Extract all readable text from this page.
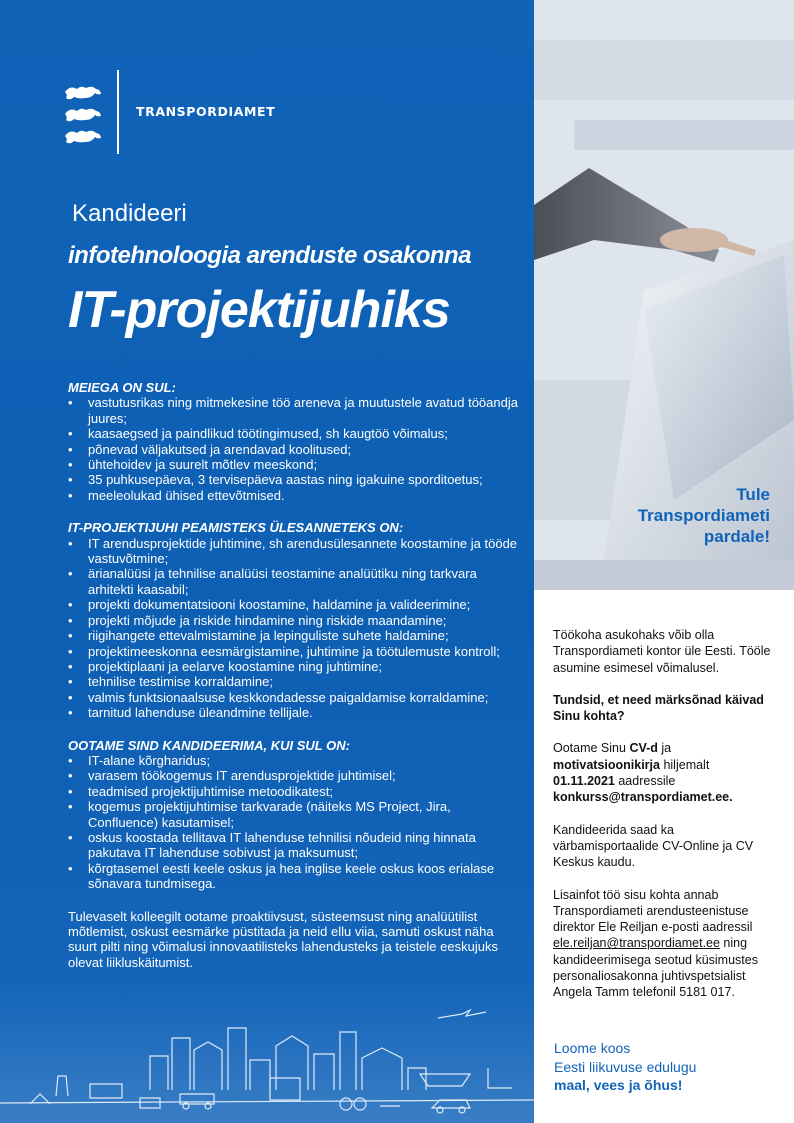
TRANSPORDIAMET
Kandideeri
infotehnoloogia arenduste osakonna
IT-projektijuhiks
MEIEGA ON SUL:
• vastutusrikas ning mitmekesine töö areneva ja muutustele avatud tööandja juures;
• kaasaegsed ja paindlikud töötingimused, sh kaugtöö võimalus;
• põnevad väljakutsed ja arendavad koolitused;
• ühtehoidev ja suurelt mõtlev meeskond;
• 35 puhkusepäeva, 3 tervisepäeva aastas ning igakuine sporditoetus;
• meeleolukad ühised ettevõtmised.
IT-PROJEKTIJUHI PEAMISTEKS ÜLESANNETEKS ON:
• IT arendusprojektide juhtimine, sh arendusülesannete koostamine ja tööde vastuvõtmine;
• ärianalüüsi ja tehnilise analüüsi teostamine analüütiku ning tarkvara arhitekti kaasabil;
• projekti dokumentatsiooni koostamine, haldamine ja valideerimine;
• projekti mõjude ja riskide hindamine ning riskide maandamine;
• riigihangete ettevalmistamine ja lepinguliste suhete haldamine;
• projektimeeskonna eesmärgistamine, juhtimine ja töötulemuste kontroll;
• projektiplaani ja eelarve koostamine ning juhtimine;
• tehnilise testimise korraldamine;
• valmis funktsionaalsuse keskkondadesse paigaldamise korraldamine;
• tarnitud lahenduse üleandmine tellijale.
OOTAME SIND KANDIDEERIMA, KUI SUL ON:
• IT-alane kõrgharidus;
• varasem töökogemus IT arendusprojektide juhtimisel;
• teadmised projektijuhtimise metoodikatest;
• kogemus projektijuhtimise tarkvarade (näiteks MS Project, Jira, Confluence) kasutamisel;
• oskus koostada tellitava IT lahenduse tehnilisi nõudeid ning hinnata pakutava IT lahenduse sobivust ja maksumust;
• kõrgtasemel eesti keele oskus ja hea inglise keele oskus koos erialase sõnavara tundmisega.
Tulevaselt kolleegilt ootame proaktiivsust, süsteemsust ning analüütilist mõtlemist, oskust eesmärke püstitada ja neid ellu viia, samuti oskust näha suurt pilti ning võimalusi innovaatilisteks lahendusteks ja teistele eeskujuks olevat liikluskäitumist.
Tule
Transpordiameti
pardale!

Töökoha asukohaks võib olla Transpordiameti kontor üle Eesti. Tööle asumine esimesel võimalusel.

Tundsid, et need märksõnad käivad Sinu kohta?

Ootame Sinu CV-d ja motivatsioonikirja hiljemalt 01.11.2021 aadressile konkurss@transpordiamet.ee.

Kandideerida saad ka värbamisportaalide CV-Online ja CV Keskus kaudu.

Lisainfot töö sisu kohta annab Transpordiameti arendusteenistuse direktor Ele Reiljan e-posti aadressil ele.reiljan@transpordiamet.ee ning kandideerimisega seotud küsimustes personaliosakonna juhtivspetsialist Angela Tamm telefonil 5181 017.

Loome koos
Eesti liikuvuse edulugu
maal, vees ja õhus!
